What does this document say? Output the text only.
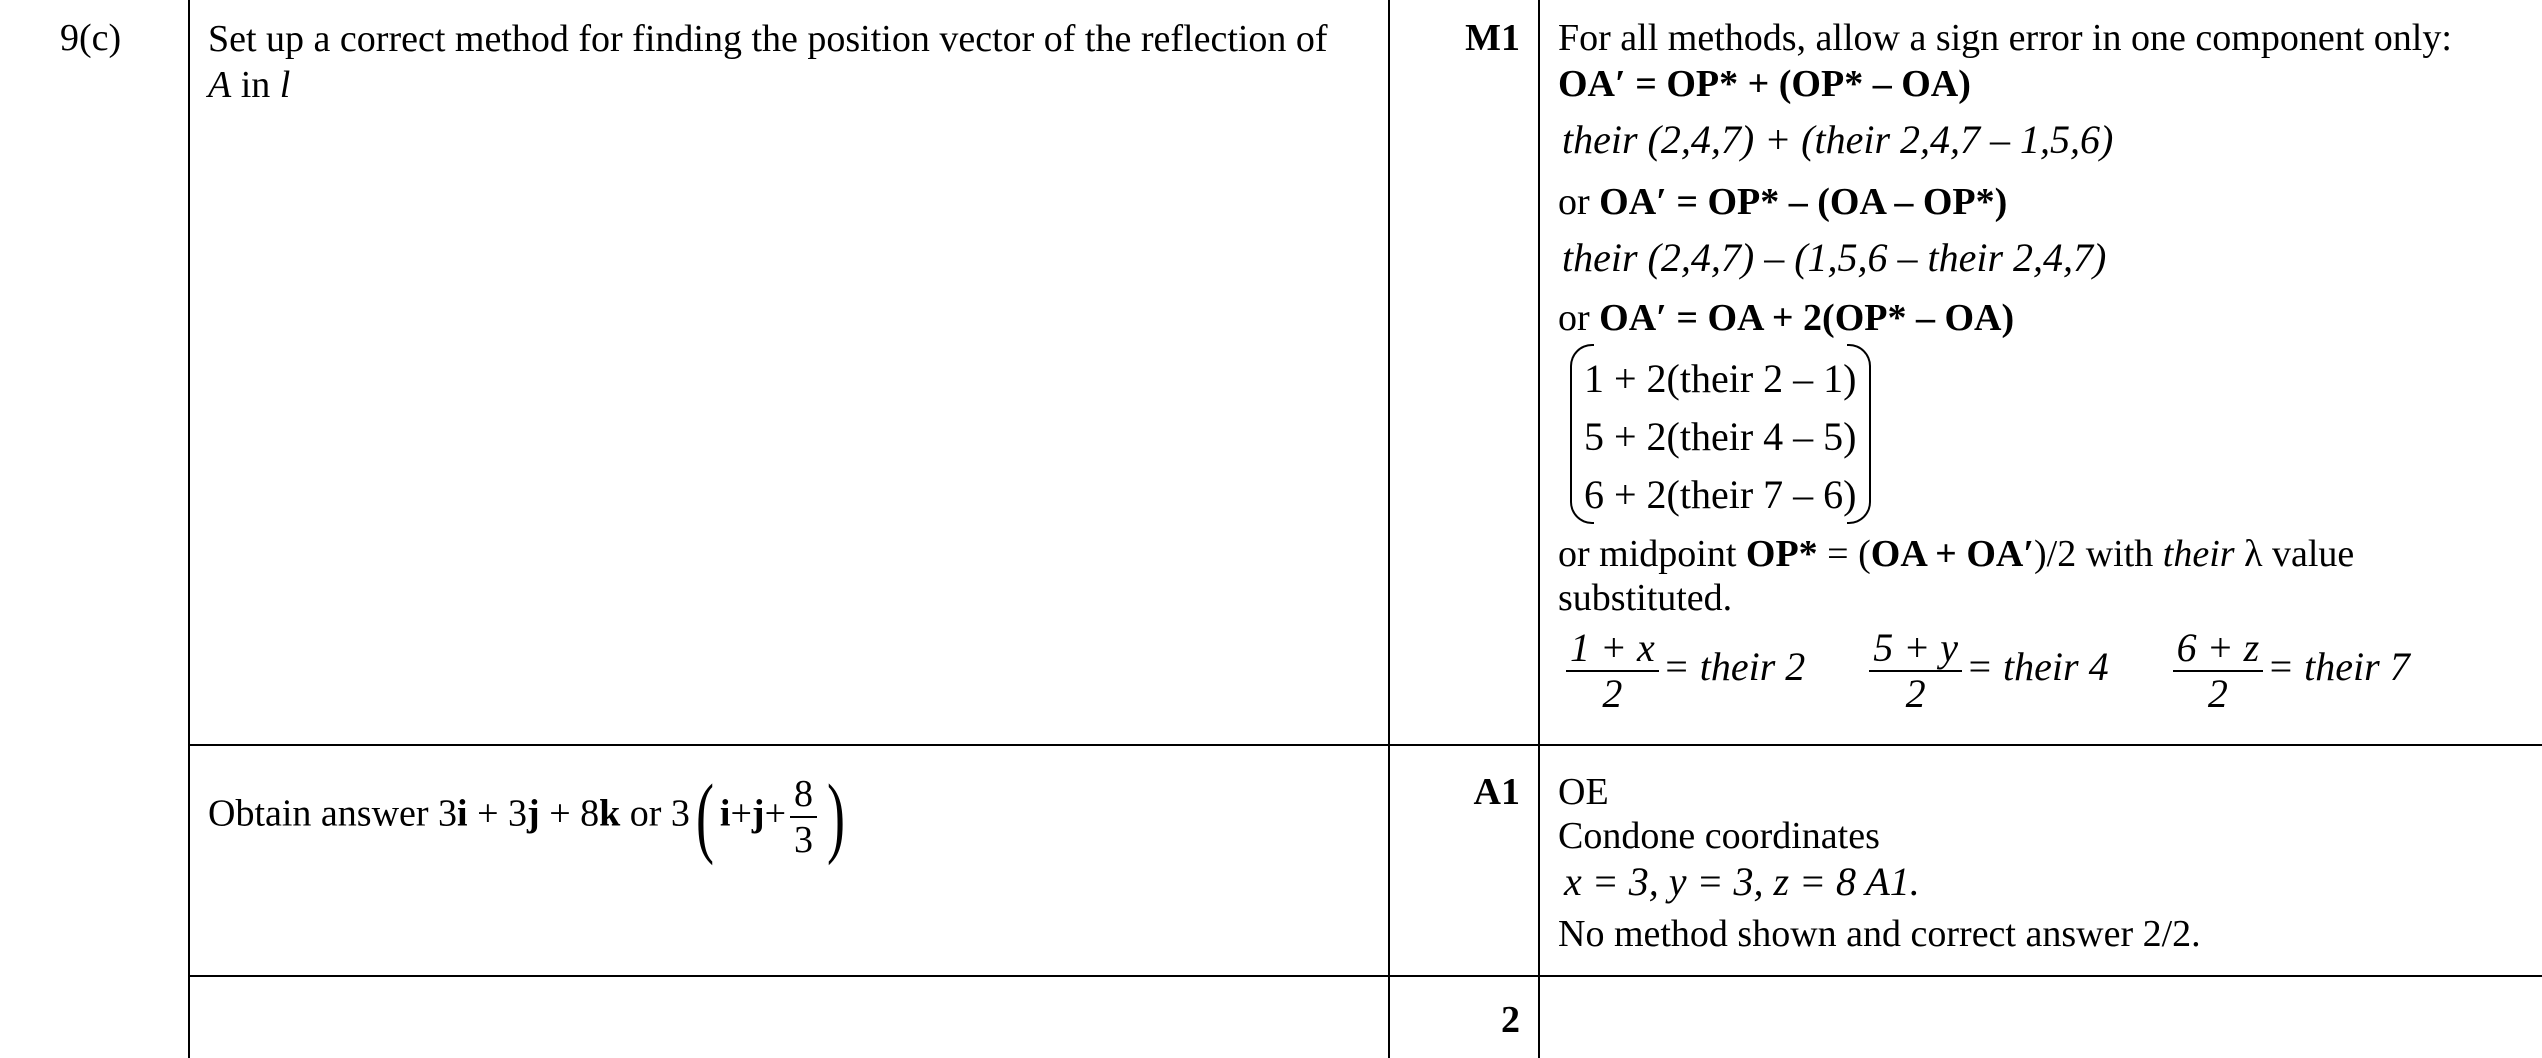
9(c) Set up a correct method for finding the position vector of the reflection of
A in l
M1 For all methods, allow a sign error in one component only:
OA′ = OP* + (OP* – OA)
their (2,4,7) + (their 2,4,7 – 1,5,6)
or OA′ = OP* – (OA – OP*)
their (2,4,7) – (1,5,6 – their 2,4,7)
or OA′ = OA + 2(OP* – OA)
1 + 2(their 2 – 1)
5 + 2(their 4 – 5)
6 + 2(their 7 – 6)
or midpoint OP* = (OA + OA′)/2 with their λ value
substituted.
$\frac{1 + x}{2}$ = their $2 \frac{5 + y}{2}$ = their $4 \frac{6 + z}{2}$ = their 7
Obtain answer 3i + 3j + 8k or 3( $i+j+ \frac{8}{3}$ )	A1 OE
Condone coordinates
x = 3, y = 3, z = 8 A1.
No method shown and correct answer 2/2.
2
